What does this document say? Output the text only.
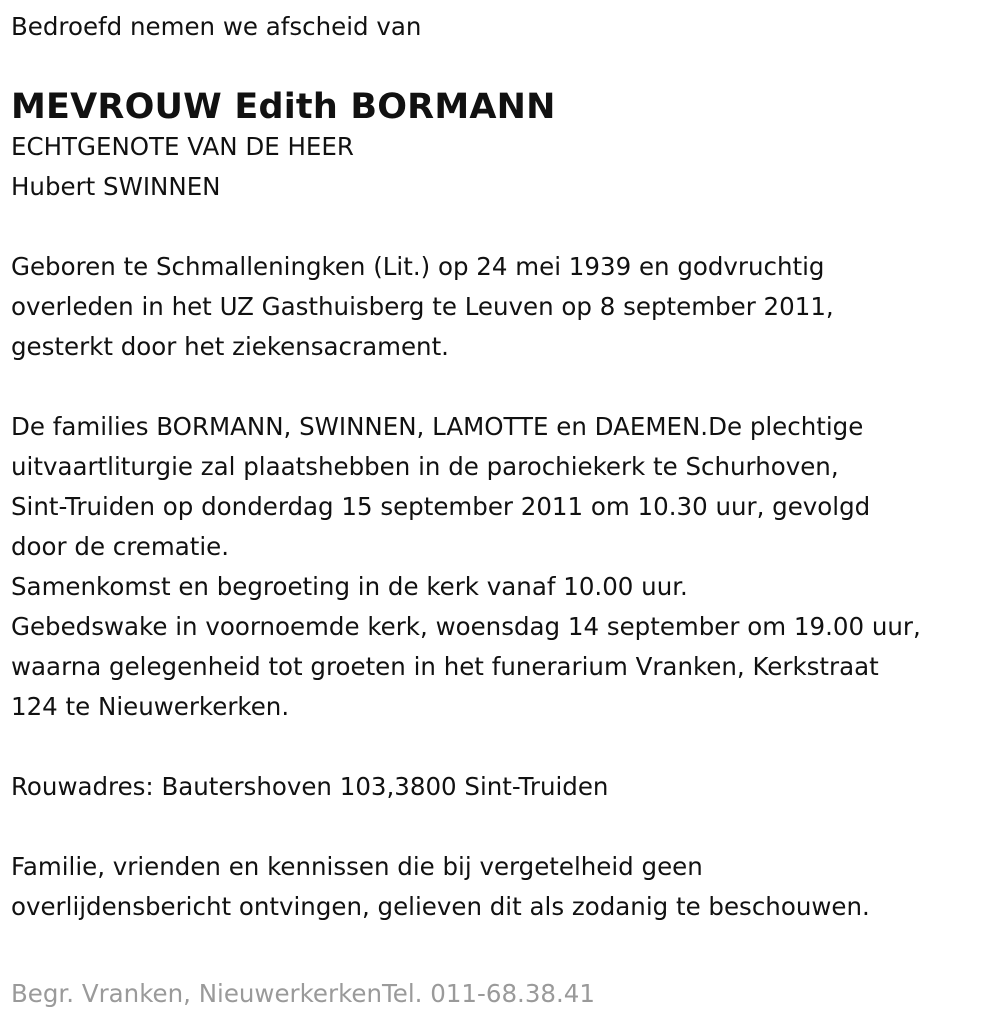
Bedroefd nemen we afscheid van

MEVROUW Edith BORMANN

ECHTGENOTE VAN DE HEER

Hubert SWINNEN

Geboren te Schmalleningken (Lit.) op 24 mei 1939 en godvruchtig

overleden in het UZ Gasthuisberg te Leuven op 8 september 2011,

gesterkt door het ziekensacrament.

De families BORMANN, SWINNEN, LAMOTTE en DAEMEN.De plechtige

uitvaartliturgie zal plaatshebben in de parochiekerk te Schurhoven,

Sint-Truiden op donderdag 15 september 2011 om 10.30 uur, gevolgd

door de crematie.

Samenkomst en begroeting in de kerk vanaf 10.00 uur.

Gebedswake in voornoemde kerk, woensdag 14 september om 19.00 uur,

waarna gelegenheid tot groeten in het funerarium Vranken, Kerkstraat

124 te Nieuwerkerken.

Rouwadres: Bautershoven 103,3800 Sint-Truiden

Familie, vrienden en kennissen die bij vergetelheid geen

overlijdensbericht ontvingen, gelieven dit als zodanig te beschouwen.

Begr. Vranken, NieuwerkerkenTel. 011-68.38.41
